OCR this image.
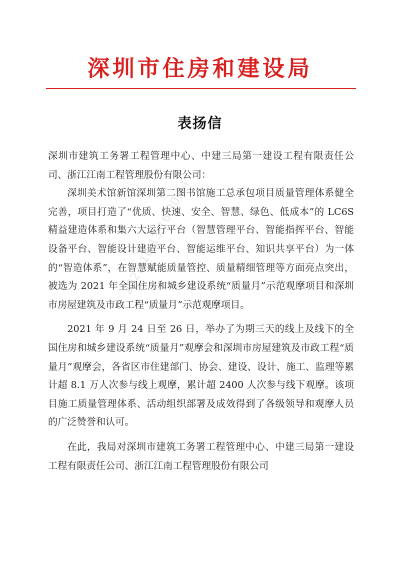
深圳市住房和建设局
表扬信

深圳市建筑工务署工程管理中心、中建三局第一建设工程有限责任公司、浙江江南工程管理股份有限公司：

深圳美术馆新馆深圳第二图书馆施工总承包项目质量管理体系健全完善，项目打造了“优质、快速、安全、智慧、绿色、低成本”的 LC6S 精益建造体系和集六大运行平台（智慧管理平台、智能指挥平台、智能设备平台、智能设计建造平台、智能运维平台、知识共享平台）为一体的“智造体系”，在智慧赋能质量管控、质量精细管理等方面亮点突出，被选为 2021 年全国住房和城乡建设系统“质量月”示范观摩项目和深圳市房屋建筑及市政工程“质量月”示范观摩项目。

2021 年 9 月 24 日至 26 日，举办了为期三天的线上及线下的全国住房和城乡建设系统“质量月”观摩会和深圳市房屋建筑及市政工程“质量月”观摩会，各省区市住建部门、协会、建设、设计、施工、监理等累计超 8.1 万人次参与线上观摩，累计超 2400 人次参与线下观摩。该项目施工质量管理体系、活动组织部署及成效得到了各级领导和观摩人员的广泛赞誉和认可。

在此，我局对深圳市建筑工务署工程管理中心、中建三局第一建设工程有限责任公司、浙江江南工程管理股份有限公司

2021-10-13 16:30:34
